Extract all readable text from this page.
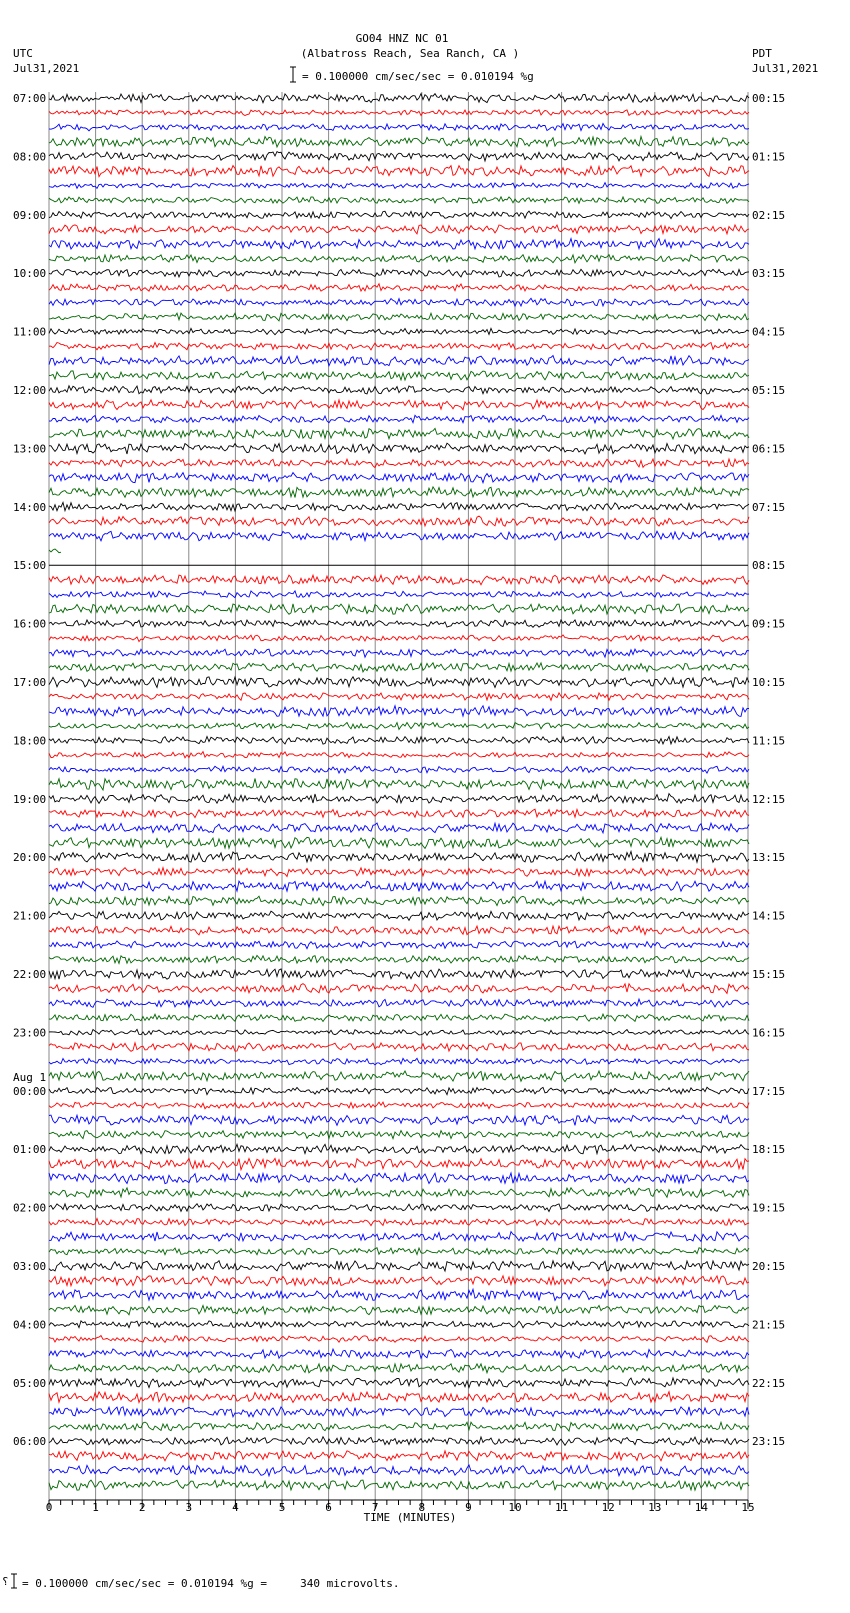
GO04 HNZ NC 01
(Albatross Reach, Sea Ranch, CA )
UTC
Jul31,2021
PDT
Jul31,2021
= 0.100000 cm/sec/sec = 0.010194 %g
07:00
08:00
09:00
10:00
11:00
12:00
13:00
14:00
15:00
16:00
17:00
18:00
19:00
20:00
21:00
22:00
23:00
00:00
Aug 1
01:00
02:00
03:00
04:00
05:00
06:00
00:15
01:15
02:15
03:15
04:15
05:15
06:15
07:15
08:15
09:15
10:15
11:15
12:15
13:15
14:15
15:15
16:15
17:15
18:15
19:15
20:15
21:15
22:15
23:15
0	1	2	3	4	5	6	7	8	9	10	11	12	13	14	15
TIME (MINUTES)
⸮ = 0.100000 cm/sec/sec = 0.010194 %g =     340 microvolts.
